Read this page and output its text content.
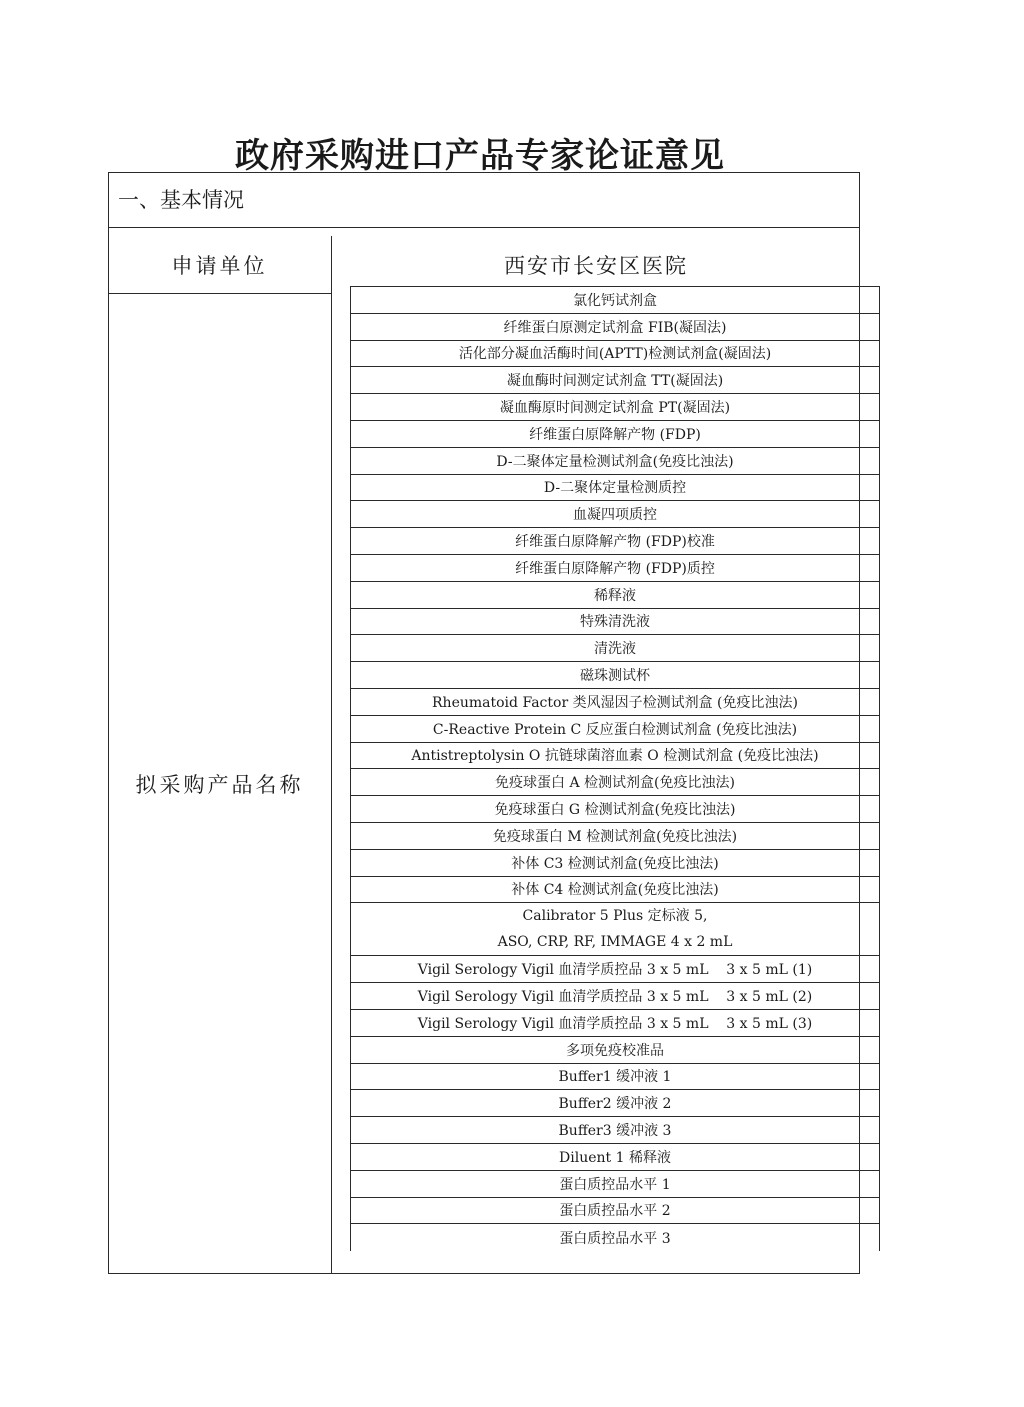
政府采购进口产品专家论证意见
一、基本情况
申请单位	西安市长安区医院
拟采购产品名称
氯化钙试剂盒
纤维蛋白原测定试剂盒 FIB(凝固法)
活化部分凝血活酶时间(APTT)检测试剂盒(凝固法)
凝血酶时间测定试剂盒 TT(凝固法)
凝血酶原时间测定试剂盒 PT(凝固法)
纤维蛋白原降解产物 (FDP)
D-二聚体定量检测试剂盒(免疫比浊法)
D-二聚体定量检测质控
血凝四项质控
纤维蛋白原降解产物 (FDP)校准
纤维蛋白原降解产物 (FDP)质控
稀释液
特殊清洗液
清洗液
磁珠测试杯
Rheumatoid Factor 类风湿因子检测试剂盒 (免疫比浊法)
C-Reactive Protein C 反应蛋白检测试剂盒 (免疫比浊法)
Antistreptolysin O 抗链球菌溶血素 O 检测试剂盒 (免疫比浊法)
免疫球蛋白 A 检测试剂盒(免疫比浊法)
免疫球蛋白 G 检测试剂盒(免疫比浊法)
免疫球蛋白 M 检测试剂盒(免疫比浊法)
补体 C3 检测试剂盒(免疫比浊法)
补体 C4 检测试剂盒(免疫比浊法)
Calibrator 5 Plus 定标液 5,
ASO, CRP, RF, IMMAGE 4 x 2 mL
Vigil Serology Vigil 血清学质控品 3 x 5 mL    3 x 5 mL (1)
Vigil Serology Vigil 血清学质控品 3 x 5 mL    3 x 5 mL (2)
Vigil Serology Vigil 血清学质控品 3 x 5 mL    3 x 5 mL (3)
多项免疫校准品
Buffer1 缓冲液 1
Buffer2 缓冲液 2
Buffer3 缓冲液 3
Diluent 1 稀释液
蛋白质控品水平 1
蛋白质控品水平 2
蛋白质控品水平 3
